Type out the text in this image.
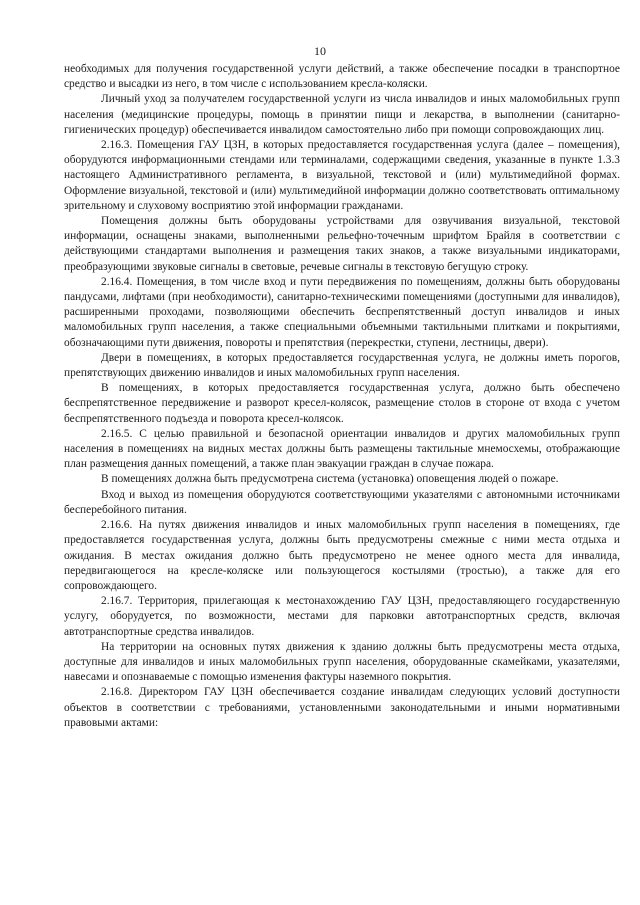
10

необходимых для получения государственной услуги действий, а также обеспечение посадки в транспортное средство и высадки из него, в том числе с использованием кресла-коляски.

Личный уход за получателем государственной услуги из числа инвалидов и иных маломобильных групп населения (медицинские процедуры, помощь в принятии пищи и лекарства, в выполнении (санитарно-гигиенических процедур) обеспечивается инвалидом самостоятельно либо при помощи сопровождающих лиц.

2.16.3. Помещения ГАУ ЦЗН, в которых предоставляется государственная услуга (далее – помещения), оборудуются информационными стендами или терминалами, содержащими сведения, указанные в пункте 1.3.3 настоящего Административного регламента, в визуальной, текстовой и (или) мультимедийной формах. Оформление визуальной, текстовой и (или) мультимедийной информации должно соответствовать оптимальному зрительному и слуховому восприятию этой информации гражданами.

Помещения должны быть оборудованы устройствами для озвучивания визуальной, текстовой информации, оснащены знаками, выполненными рельефно-точечным шрифтом Брайля в соответствии с действующими стандартами выполнения и размещения таких знаков, а также визуальными индикаторами, преобразующими звуковые сигналы в световые, речевые сигналы в текстовую бегущую строку.

2.16.4. Помещения, в том числе вход и пути передвижения по помещениям, должны быть оборудованы пандусами, лифтами (при необходимости), санитарно-техническими помещениями (доступными для инвалидов), расширенными проходами, позволяющими обеспечить беспрепятственный доступ инвалидов и иных маломобильных групп населения, а также специальными объемными тактильными плитками и покрытиями, обозначающими пути движения, повороты и препятствия (перекрестки, ступени, лестницы, двери).

Двери в помещениях, в которых предоставляется государственная услуга, не должны иметь порогов, препятствующих движению инвалидов и иных маломобильных групп населения.

В помещениях, в которых предоставляется государственная услуга, должно быть обеспечено беспрепятственное передвижение и разворот кресел-колясок, размещение столов в стороне от входа с учетом беспрепятственного подъезда и поворота кресел-колясок.

2.16.5. С целью правильной и безопасной ориентации инвалидов и других маломобильных групп населения в помещениях на видных местах должны быть размещены тактильные мнемосхемы, отображающие план размещения данных помещений, а также план эвакуации граждан в случае пожара.

В помещениях должна быть предусмотрена система (установка) оповещения людей о пожаре.

Вход и выход из помещения оборудуются соответствующими указателями с автономными источниками бесперебойного питания.

2.16.6. На путях движения инвалидов и иных маломобильных групп населения в помещениях, где предоставляется государственная услуга, должны быть предусмотрены смежные с ними места отдыха и ожидания. В местах ожидания должно быть предусмотрено не менее одного места для инвалида, передвигающегося на кресле-коляске или пользующегося костылями (тростью), а также для его сопровождающего.

2.16.7. Территория, прилегающая к местонахождению ГАУ ЦЗН, предоставляющего государственную услугу, оборудуется, по возможности, местами для парковки автотранспортных средств, включая автотранспортные средства инвалидов.

На территории на основных путях движения к зданию должны быть предусмотрены места отдыха, доступные для инвалидов и иных маломобильных групп населения, оборудованные скамейками, указателями, навесами и опознаваемые с помощью изменения фактуры наземного покрытия.

2.16.8. Директором ГАУ ЦЗН обеспечивается создание инвалидам следующих условий доступности объектов в соответствии с требованиями, установленными законодательными и иными нормативными правовыми актами:
